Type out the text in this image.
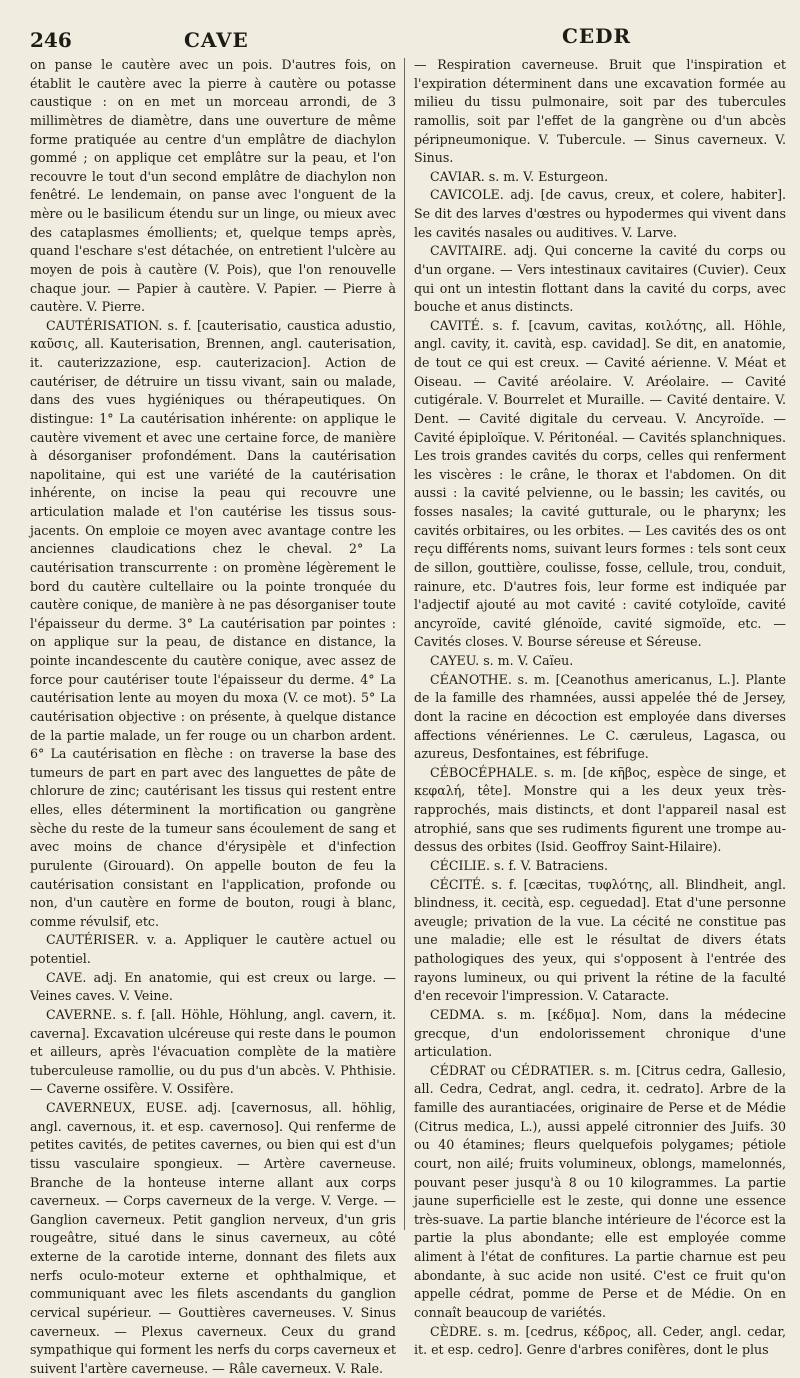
246	CAVE	CEDR

on panse le cautère avec un pois. D'autres fois, on établit le cautère avec la pierre à cautère ou potasse caustique : on en met un morceau arrondi, de 3 millimètres de diamètre, dans une ouverture de même forme pratiquée au centre d'un emplâtre de diachylon gommé ; on applique cet emplâtre sur la peau, et l'on recouvre le tout d'un second emplâtre de diachylon non fenêtré. Le lendemain, on panse avec l'onguent de la mère ou le basilicum étendu sur un linge, ou mieux avec des cataplasmes émollients; et, quelque temps après, quand l'eschare s'est détachée, on entretient l'ulcère au moyen de pois à cautère (V. Pois), que l'on renouvelle chaque jour. — Papier à cautère. V. Papier. — Pierre à cautère. V. Pierre.

CAUTÉRISATION. s. f. [cauterisatio, caustica adustio, καῦσις, all. Kauterisation, Brennen, angl. cauterisation, it. cauterizzazione, esp. cauterizacion]. Action de cautériser, de détruire un tissu vivant, sain ou malade, dans des vues hygiéniques ou thérapeutiques. On distingue: 1° La cautérisation inhérente: on applique le cautère vivement et avec une certaine force, de manière à désorganiser profondément. Dans la cautérisation napolitaine, qui est une variété de la cautérisation inhérente, on incise la peau qui recouvre une articulation malade et l'on cautérise les tissus sous-jacents. On emploie ce moyen avec avantage contre les anciennes claudications chez le cheval. 2° La cautérisation transcurrente : on promène légèrement le bord du cautère cultellaire ou la pointe tronquée du cautère conique, de manière à ne pas désorganiser toute l'épaisseur du derme. 3° La cautérisation par pointes : on applique sur la peau, de distance en distance, la pointe incandescente du cautère conique, avec assez de force pour cautériser toute l'épaisseur du derme. 4° La cautérisation lente au moyen du moxa (V. ce mot). 5° La cautérisation objective : on présente, à quelque distance de la partie malade, un fer rouge ou un charbon ardent. 6° La cautérisation en flèche : on traverse la base des tumeurs de part en part avec des languettes de pâte de chlorure de zinc; cautérisant les tissus qui restent entre elles, elles déterminent la mortification ou gangrène sèche du reste de la tumeur sans écoulement de sang et avec moins de chance d'érysipèle et d'infection purulente (Girouard). On appelle bouton de feu la cautérisation consistant en l'application, profonde ou non, d'un cautère en forme de bouton, rougi à blanc, comme révulsif, etc.

CAUTÉRISER. v. a. Appliquer le cautère actuel ou potentiel.

CAVE. adj. En anatomie, qui est creux ou large. — Veines caves. V. Veine.

CAVERNE. s. f. [all. Höhle, Höhlung, angl. cavern, it. caverna]. Excavation ulcéreuse qui reste dans le poumon et ailleurs, après l'évacuation complète de la matière tuberculeuse ramollie, ou du pus d'un abcès. V. Phthisie. — Caverne ossifère. V. Ossifère.

CAVERNEUX, EUSE. adj. [cavernosus, all. höhlig, angl. cavernous, it. et esp. cavernoso]. Qui renferme de petites cavités, de petites cavernes, ou bien qui est d'un tissu vasculaire spongieux. — Artère caverneuse. Branche de la honteuse interne allant aux corps caverneux. — Corps caverneux de la verge. V. Verge. — Ganglion caverneux. Petit ganglion nerveux, d'un gris rougeâtre, situé dans le sinus caverneux, au côté externe de la carotide interne, donnant des filets aux nerfs oculo-moteur externe et ophthalmique, et communiquant avec les filets ascendants du ganglion cervical supérieur. — Gouttières caverneuses. V. Sinus caverneux. — Plexus caverneux. Ceux du grand sympathique qui forment les nerfs du corps caverneux et suivent l'artère caverneuse. — Râle caverneux. V. Rale.

— Respiration caverneuse. Bruit que l'inspiration et l'expiration déterminent dans une excavation formée au milieu du tissu pulmonaire, soit par des tubercules ramollis, soit par l'effet de la gangrène ou d'un abcès péripneumonique. V. Tubercule. — Sinus caverneux. V. Sinus.

CAVIAR. s. m. V. Esturgeon.

CAVICOLE. adj. [de cavus, creux, et colere, habiter]. Se dit des larves d'œstres ou hypodermes qui vivent dans les cavités nasales ou auditives. V. Larve.

CAVITAIRE. adj. Qui concerne la cavité du corps ou d'un organe. — Vers intestinaux cavitaires (Cuvier). Ceux qui ont un intestin flottant dans la cavité du corps, avec bouche et anus distincts.

CAVITÉ. s. f. [cavum, cavitas, κοιλότης, all. Höhle, angl. cavity, it. cavità, esp. cavidad]. Se dit, en anatomie, de tout ce qui est creux. — Cavité aérienne. V. Méat et Oiseau. — Cavité aréolaire. V. Aréolaire. — Cavité cutigérale. V. Bourrelet et Muraille. — Cavité dentaire. V. Dent. — Cavité digitale du cerveau. V. Ancyroïde. — Cavité épiploïque. V. Péritonéal. — Cavités splanchniques. Les trois grandes cavités du corps, celles qui renferment les viscères : le crâne, le thorax et l'abdomen. On dit aussi : la cavité pelvienne, ou le bassin; les cavités, ou fosses nasales; la cavité gutturale, ou le pharynx; les cavités orbitaires, ou les orbites. — Les cavités des os ont reçu différents noms, suivant leurs formes : tels sont ceux de sillon, gouttière, coulisse, fosse, cellule, trou, conduit, rainure, etc. D'autres fois, leur forme est indiquée par l'adjectif ajouté au mot cavité : cavité cotyloïde, cavité ancyroïde, cavité glénoïde, cavité sigmoïde, etc. — Cavités closes. V. Bourse séreuse et Séreuse.

CAYEU. s. m. V. Caïeu.

CÉANOTHE. s. m. [Ceanothus americanus, L.]. Plante de la famille des rhamnées, aussi appelée thé de Jersey, dont la racine en décoction est employée dans diverses affections vénériennes. Le C. cæruleus, Lagasca, ou azureus, Desfontaines, est fébrifuge.

CÉBOCÉPHALE. s. m. [de κῆβος, espèce de singe, et κεφαλή, tête]. Monstre qui a les deux yeux très-rapprochés, mais distincts, et dont l'appareil nasal est atrophié, sans que ses rudiments figurent une trompe au-dessus des orbites (Isid. Geoffroy Saint-Hilaire).

CÉCILIE. s. f. V. Batraciens.

CÉCITÉ. s. f. [cæcitas, τυφλότης, all. Blindheit, angl. blindness, it. cecità, esp. ceguedad]. Etat d'une personne aveugle; privation de la vue. La cécité ne constitue pas une maladie; elle est le résultat de divers états pathologiques des yeux, qui s'opposent à l'entrée des rayons lumineux, ou qui privent la rétine de la faculté d'en recevoir l'impression. V. Cataracte.

CEDMA. s. m. [κέδμα]. Nom, dans la médecine grecque, d'un endolorissement chronique d'une articulation.

CÉDRAT ou CÉDRATIER. s. m. [Citrus cedra, Gallesio, all. Cedra, Cedrat, angl. cedra, it. cedrato]. Arbre de la famille des aurantiacées, originaire de Perse et de Médie (Citrus medica, L.), aussi appelé citronnier des Juifs. 30 ou 40 étamines; fleurs quelquefois polygames; pétiole court, non ailé; fruits volumineux, oblongs, mamelonnés, pouvant peser jusqu'à 8 ou 10 kilogrammes. La partie jaune superficielle est le zeste, qui donne une essence très-suave. La partie blanche intérieure de l'écorce est la partie la plus abondante; elle est employée comme aliment à l'état de confitures. La partie charnue est peu abondante, à suc acide non usité. C'est ce fruit qu'on appelle cédrat, pomme de Perse et de Médie. On en connaît beaucoup de variétés.

CÈDRE. s. m. [cedrus, κέδρος, all. Ceder, angl. cedar, it. et esp. cedro]. Genre d'arbres conifères, dont le plus
